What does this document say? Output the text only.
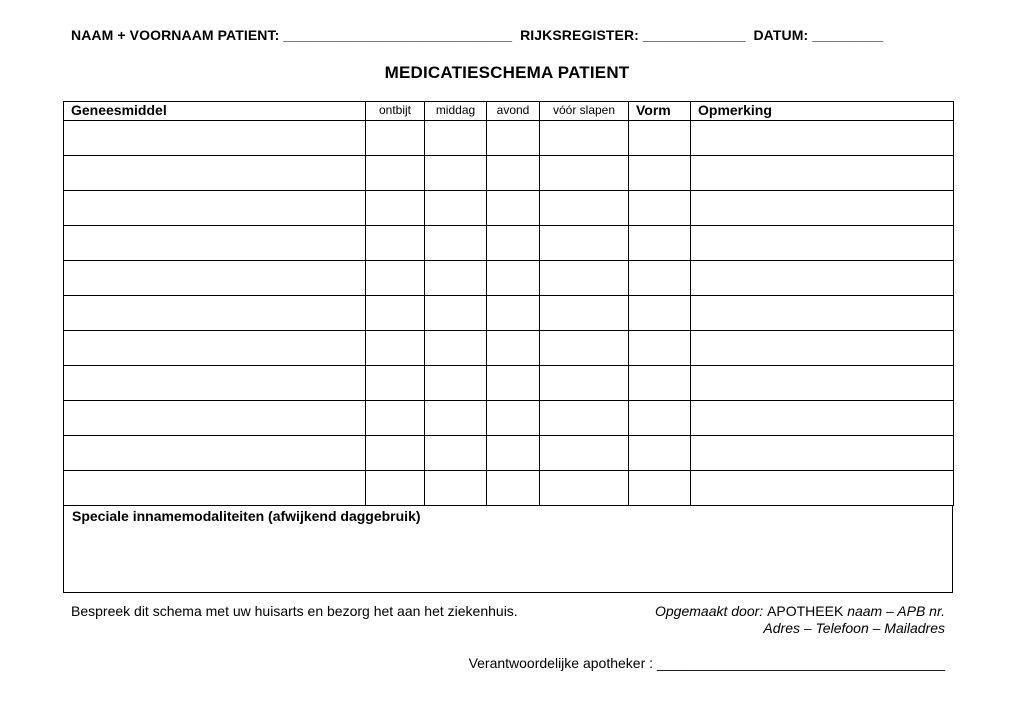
NAAM + VOORNAAM PATIENT: _____________________________ RIJKSREGISTER: _____________ DATUM: _________
MEDICATIESCHEMA PATIENT
Geneesmiddel	ontbijt	middag	avond	vóór slapen	Vorm	Opmerking

Speciale innamemodaliteiten (afwijkend daggebruik)
Bespreek dit schema met uw huisarts en bezorg het aan het ziekenhuis.	Opgemaakt door: APOTHEEK naam – APB nr.
Adres – Telefoon – Mailadres
Verantwoordelijke apotheker : _____________________________________
